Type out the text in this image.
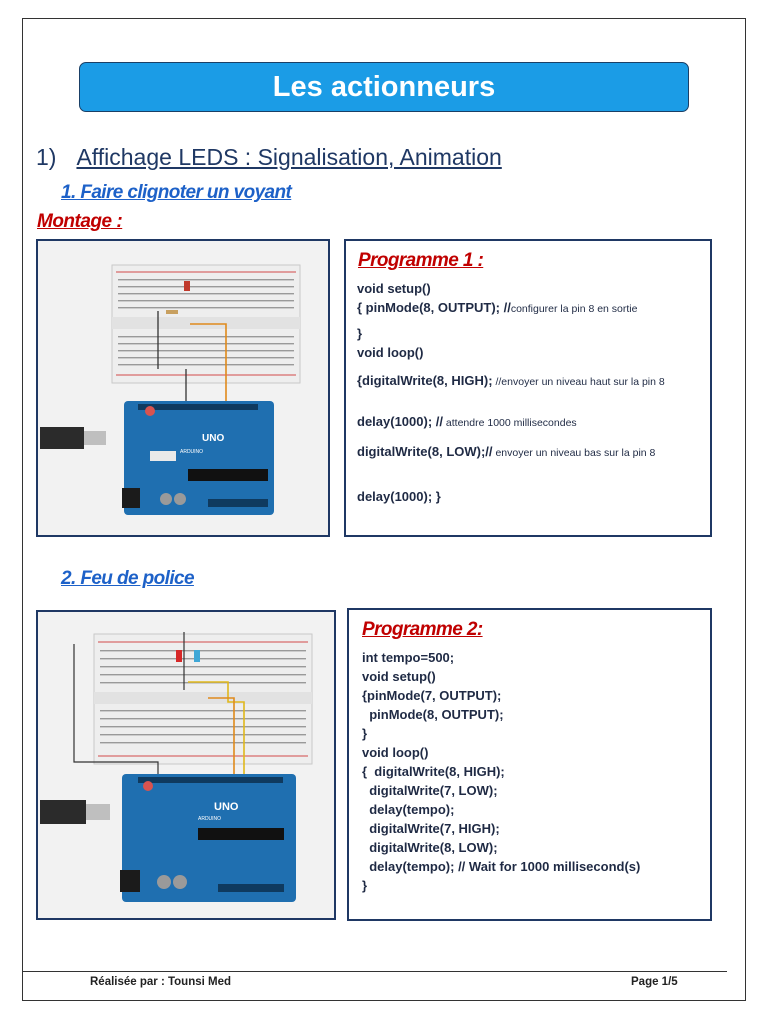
Les actionneurs
1) Affichage LEDS : Signalisation, Animation
1. Faire clignoter un voyant
Montage :
UNO
ARDUINO
Programme 1 :
void setup()
{ pinMode(8, OUTPUT); //configurer la pin 8 en sortie
}
void loop()
{digitalWrite(8, HIGH); //envoyer un niveau haut sur la pin 8
delay(1000); // attendre 1000 millisecondes
digitalWrite(8, LOW);// envoyer un niveau bas sur la pin 8
delay(1000); }
2. Feu de police
UNO
ARDUINO
Programme 2:
int tempo=500;
void setup()
{pinMode(7, OUTPUT);
pinMode(8, OUTPUT);
}
void loop()
{  digitalWrite(8, HIGH);
digitalWrite(7, LOW);
delay(tempo);
digitalWrite(7, HIGH);
digitalWrite(8, LOW);
delay(tempo); // Wait for 1000 millisecond(s)
}
Réalisée par : Tounsi Med	Page 1/5
